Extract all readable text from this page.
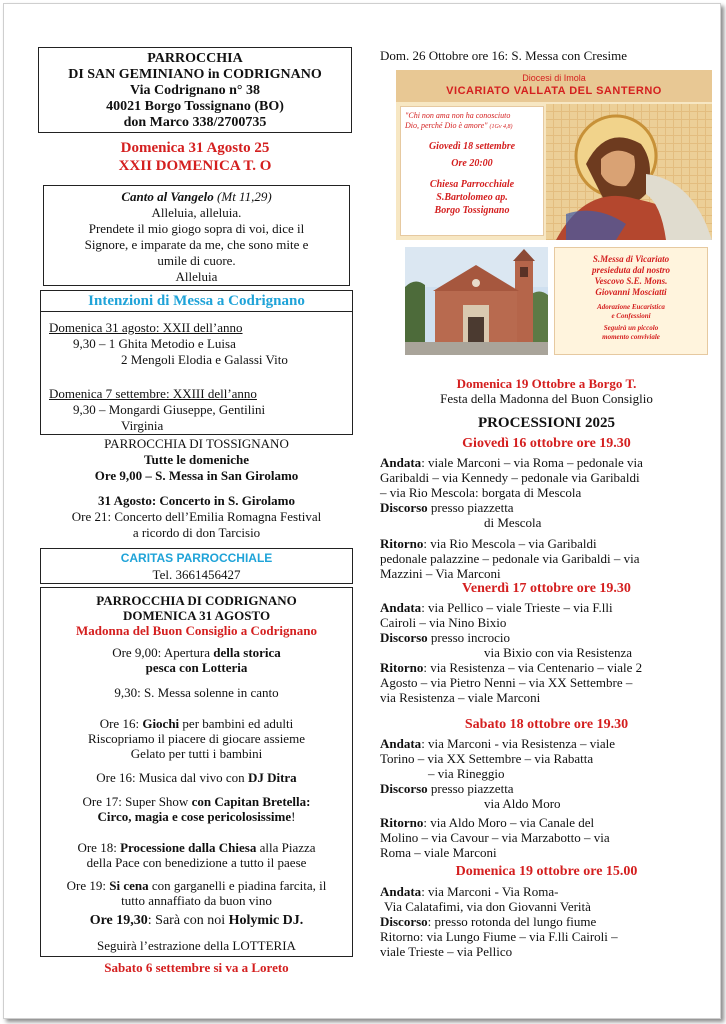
PARROCCHIA
DI SAN GEMINIANO in CODRIGNANO
Via Codrignano n° 38
40021 Borgo Tossignano (BO)
don Marco 338/2700735
Domenica 31 Agosto 25
XXII DOMENICA T. O
Canto al Vangelo (Mt 11,29)
Alleluia, alleluia.
Prendete il mio giogo sopra di voi, dice il
Signore, e imparate da me, che sono mite e
umile di cuore.
Alleluia
Intenzioni di Messa a Codrignano
Domenica 31 agosto: XXII dell’anno
9,30 – 1 Ghita Metodio e Luisa
2 Mengoli Elodia e Galassi Vito
Domenica 7 settembre: XXIII dell’anno
9,30 – Mongardi Giuseppe, Gentilini
Virginia
PARROCCHIA DI TOSSIGNANO
Tutte le domeniche
Ore 9,00 – S. Messa in San Girolamo
31 Agosto: Concerto in S. Girolamo
Ore 21: Concerto dell’Emilia Romagna Festival
a ricordo di don Tarcisio
CARITAS PARROCCHIALE
Tel. 3661456427
PARROCCHIA DI CODRIGNANO
DOMENICA 31 AGOSTO
Madonna del Buon Consiglio a Codrignano
Ore 9,00: Apertura della storica
pesca con Lotteria
9,30: S. Messa solenne in canto
Ore 16: Giochi per bambini ed adulti
Riscopriamo il piacere di giocare assieme
Gelato per tutti i bambini
Ore 16: Musica dal vivo con DJ Ditra
Ore 17: Super Show con Capitan Bretella:
Circo, magia e cose pericolosissime!
Ore 18: Processione dalla Chiesa alla Piazza
della Pace con benedizione a tutto il paese
Ore 19: Si cena con garganelli e piadina farcita, il
tutto annaffiato da buon vino
Ore 19,30: Sarà con noi Holymic DJ.
Seguirà l’estrazione della LOTTERIA
Sabato 6 settembre si va a Loreto
Dom. 26 Ottobre ore 16: S. Messa con Cresime
Diocesi di Imola
VICARIATO VALLATA DEL SANTERNO
"Chi non ama non ha conosciuto
Dio, perché Dio è amore" (1Gv 4,8)
Giovedì 18 settembre
Ore 20:00
Chiesa Parrocchiale
S.Bartolomeo ap.
Borgo Tossignano
S.Messa di Vicariato
presieduta dal nostro
Vescovo S.E. Mons.
Giovanni Mosciatti
Adorazione Eucaristica
e Confessioni
Seguirà un piccolo
momento conviviale
Domenica 19 Ottobre a Borgo T.
Festa della Madonna del Buon Consiglio
PROCESSIONI 2025
Giovedì 16 ottobre ore 19.30
Andata: viale Marconi – via Roma – pedonale via
Garibaldi – via Kennedy – pedonale via Garibaldi
– via Rio Mescola: borgata di Mescola
Discorso presso piazzetta
di Mescola
Ritorno: via Rio Mescola – via Garibaldi
pedonale palazzine – pedonale via Garibaldi – via
Mazzini – Via Marconi
Venerdì 17 ottobre ore 19.30
Andata: via Pellico – viale Trieste – via F.lli
Cairoli – via Nino Bixio
Discorso presso incrocio
via Bixio con via Resistenza
Ritorno: via Resistenza – via Centenario – viale 2
Agosto – via Pietro Nenni – via XX Settembre –
via Resistenza – viale Marconi
Sabato 18 ottobre ore 19.30
Andata: via Marconi - via Resistenza – viale
Torino – via XX Settembre – via Rabatta
– via Rineggio
Discorso presso piazzetta
via Aldo Moro
Ritorno: via Aldo Moro – via Canale del
Molino – via Cavour – via Marzabotto – via
Roma – viale Marconi
Domenica 19 ottobre ore 15.00
Andata: via Marconi - Via Roma-
Via Calatafimi, via don Giovanni Verità
Discorso: presso rotonda del lungo fiume
Ritorno: via Lungo Fiume – via F.lli Cairoli –
viale Trieste – via Pellico
